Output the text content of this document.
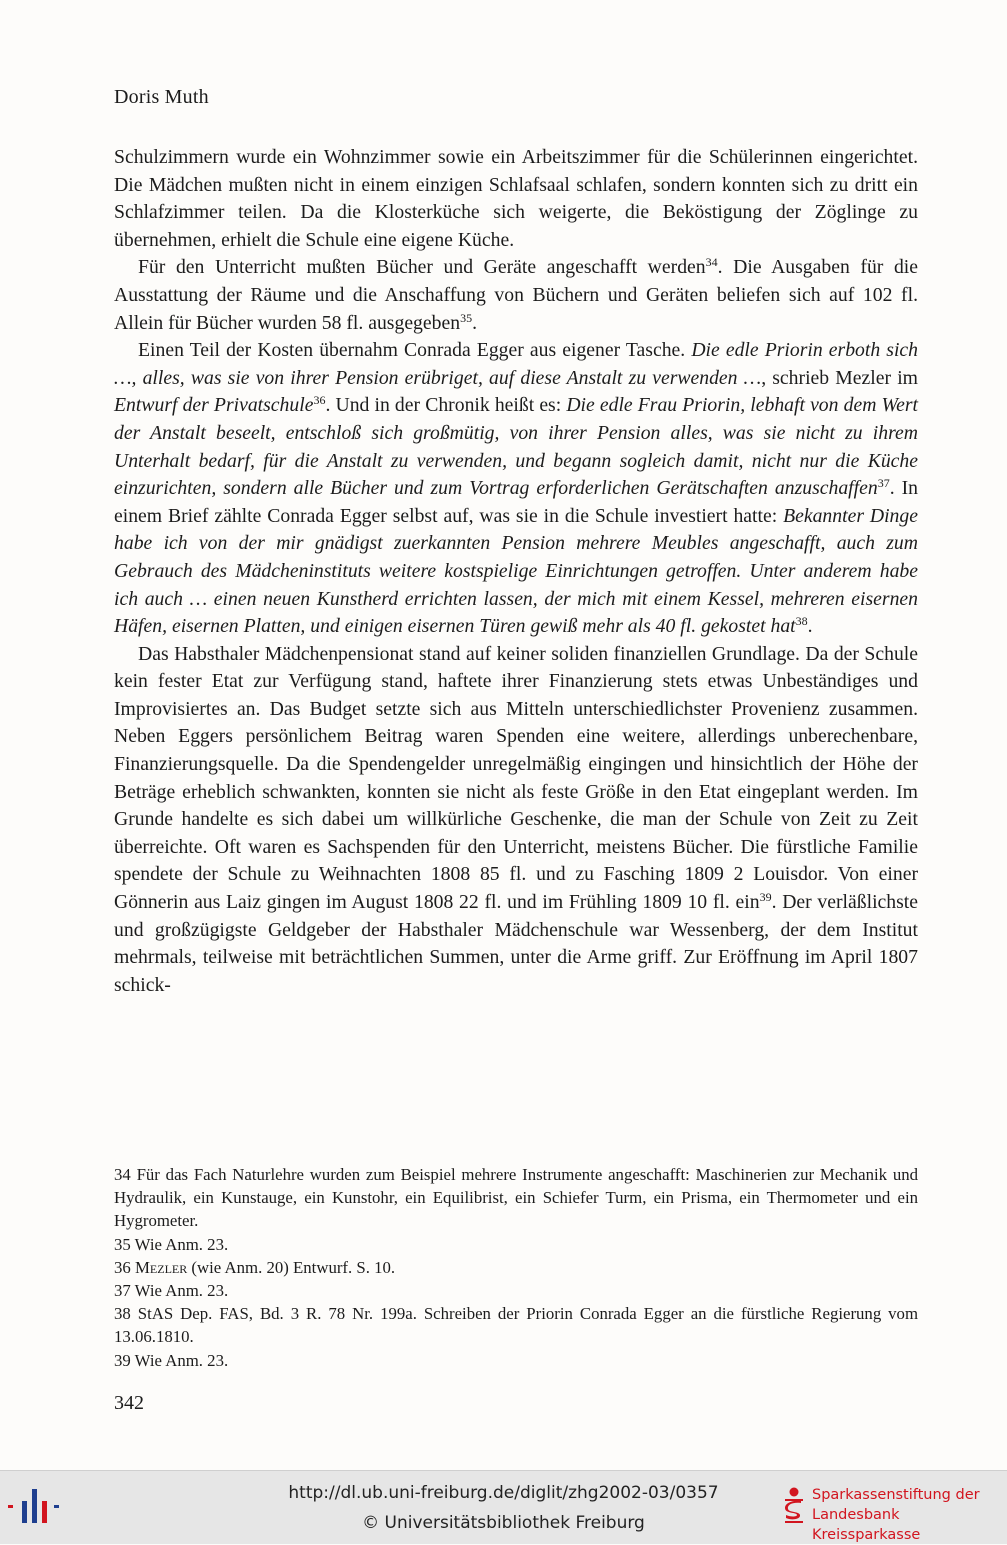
Doris Muth

Schulzimmern wurde ein Wohnzimmer sowie ein Arbeitszimmer für die Schülerinnen eingerichtet. Die Mädchen mußten nicht in einem einzigen Schlafsaal schlafen, sondern konnten sich zu dritt ein Schlafzimmer teilen. Da die Klosterküche sich weigerte, die Beköstigung der Zöglinge zu übernehmen, erhielt die Schule eine eigene Küche.

Für den Unterricht mußten Bücher und Geräte angeschafft werden$^{34}$. Die Ausgaben für die Ausstattung der Räume und die Anschaffung von Büchern und Geräten beliefen sich auf 102 fl. Allein für Bücher wurden 58 fl. ausgegeben$^{35}$.

Einen Teil der Kosten übernahm Conrada Egger aus eigener Tasche. Die edle Priorin erboth sich …, alles, was sie von ihrer Pension erübriget, auf diese Anstalt zu verwenden …, schrieb Mezler im Entwurf der Privatschule$^{36}$. Und in der Chronik heißt es: Die edle Frau Priorin, lebhaft von dem Wert der Anstalt beseelt, entschloß sich großmütig, von ihrer Pension alles, was sie nicht zu ihrem Unterhalt bedarf, für die Anstalt zu verwenden, und begann sogleich damit, nicht nur die Küche einzurichten, sondern alle Bücher und zum Vortrag erforderlichen Gerätschaften anzuschaffen$^{37}$. In einem Brief zählte Conrada Egger selbst auf, was sie in die Schule investiert hatte: Bekannter Dinge habe ich von der mir gnädigst zuerkannten Pension mehrere Meubles angeschafft, auch zum Gebrauch des Mädcheninstituts weitere kostspielige Einrichtungen getroffen. Unter anderem habe ich auch … einen neuen Kunstherd errichten lassen, der mich mit einem Kessel, mehreren eisernen Häfen, eisernen Platten, und einigen eisernen Türen gewiß mehr als 40 fl. gekostet hat$^{38}$.

Das Habsthaler Mädchenpensionat stand auf keiner soliden finanziellen Grundlage. Da der Schule kein fester Etat zur Verfügung stand, haftete ihrer Finanzierung stets etwas Unbeständiges und Improvisiertes an. Das Budget setzte sich aus Mitteln unterschiedlichster Provenienz zusammen. Neben Eggers persönlichem Beitrag waren Spenden eine weitere, allerdings unberechenbare, Finanzierungsquelle. Da die Spendengelder unregelmäßig eingingen und hinsichtlich der Höhe der Beträge erheblich schwankten, konnten sie nicht als feste Größe in den Etat eingeplant werden. Im Grunde handelte es sich dabei um willkürliche Geschenke, die man der Schule von Zeit zu Zeit überreichte. Oft waren es Sachspenden für den Unterricht, meistens Bücher. Die fürstliche Familie spendete der Schule zu Weihnachten 1808 85 fl. und zu Fasching 1809 2 Louisdor. Von einer Gönnerin aus Laiz gingen im August 1808 22 fl. und im Frühling 1809 10 fl. ein$^{39}$. Der verläßlichste und großzügigste Geldgeber der Habsthaler Mädchenschule war Wessenberg, der dem Institut mehrmals, teilweise mit beträchtlichen Summen, unter die Arme griff. Zur Eröffnung im April 1807 schick-

34 Für das Fach Naturlehre wurden zum Beispiel mehrere Instrumente angeschafft: Maschinerien zur Mechanik und Hydraulik, ein Kunstauge, ein Kunstohr, ein Equilibrist, ein Schiefer Turm, ein Prisma, ein Thermometer und ein Hygrometer.

35 Wie Anm. 23.

36 Mezler (wie Anm. 20) Entwurf. S. 10.

37 Wie Anm. 23.

38 StAS Dep. FAS, Bd. 3 R. 78 Nr. 199a. Schreiben der Priorin Conrada Egger an die fürstliche Regierung vom 13.06.1810.

39 Wie Anm. 23.

342
http://dl.ub.uni-freiburg.de/diglit/zhg2002-03/0357
© Universitätsbibliothek Freiburg
Sparkassenstiftung der
Landesbank Kreissparkasse
